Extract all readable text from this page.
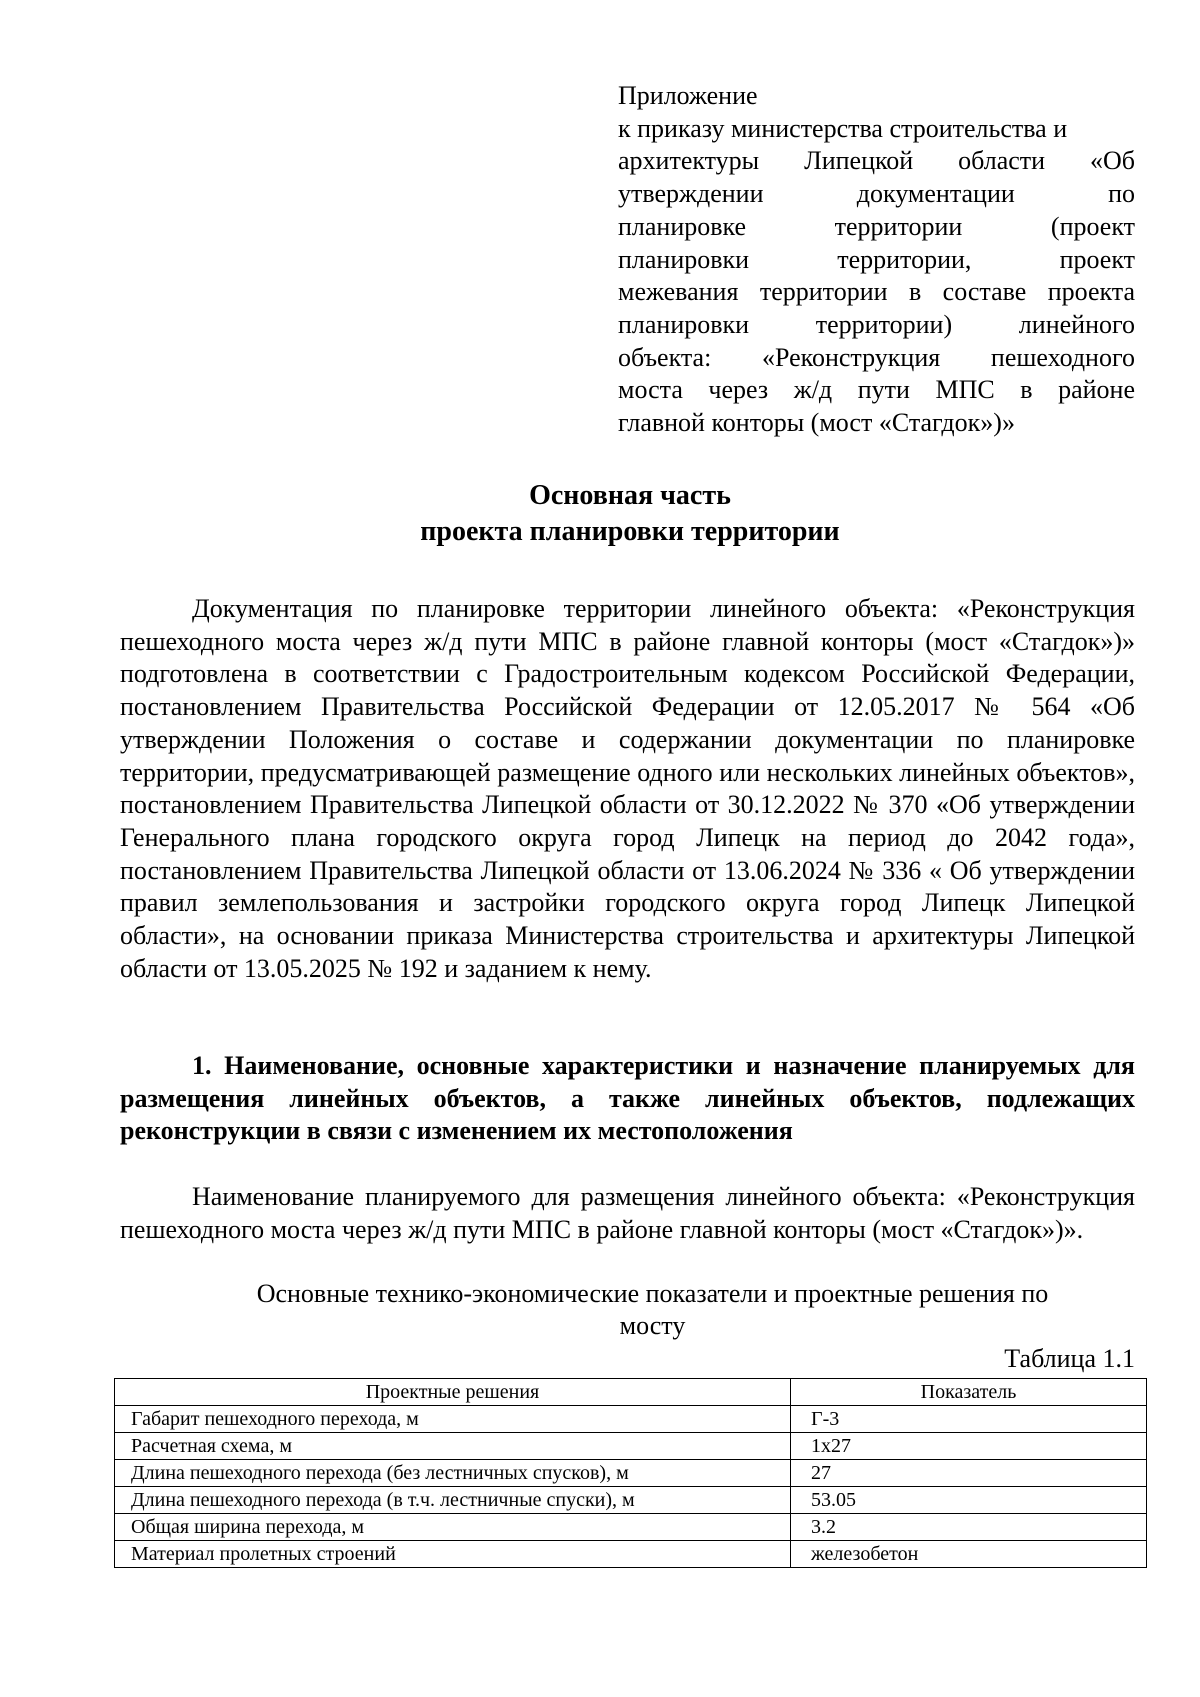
Приложение
к приказу министерства строительства и
архитектуры Липецкой области «Об
утверждении документации по
планировке территории (проект
планировки территории, проект
межевания территории в составе проекта
планировки территории) линейного
объекта: «Реконструкция пешеходного
моста через ж/д пути МПС в районе
главной конторы (мост «Стагдок»)»
Основная часть
проекта планировки территории

Документация по планировке территории линейного объекта: «Реконструкция пешеходного моста через ж/д пути МПС в районе главной конторы (мост «Стагдок»)» подготовлена в соответствии с Градостроительным кодексом Российской Федерации, постановлением Правительства Российской Федерации от 12.05.2017 № 564 «Об утверждении Положения о составе и содержании документации по планировке территории, предусматривающей размещение одного или нескольких линейных объектов», постановлением Правительства Липецкой области от 30.12.2022 № 370 «Об утверждении Генерального плана городского округа город Липецк на период до 2042 года», постановлением Правительства Липецкой области от 13.06.2024 № 336 « Об утверждении правил землепользования и застройки городского округа город Липецк Липецкой области», на основании приказа Министерства строительства и архитектуры Липецкой области от 13.05.2025 № 192 и заданием к нему.

1. Наименование, основные характеристики и назначение планируемых для размещения линейных объектов, а также линейных объектов, подлежащих реконструкции в связи с изменением их местоположения

Наименование планируемого для размещения линейного объекта: «Реконструкция пешеходного моста через ж/д пути МПС в районе главной конторы (мост «Стагдок»)».

Основные технико-экономические показатели и проектные решения по
мосту
Таблица 1.1
Проектные решения	Показатель
Габарит пешеходного перехода, м	Г-3
Расчетная схема, м	1х27
Длина пешеходного перехода (без лестничных спусков), м	27
Длина пешеходного перехода (в т.ч. лестничные спуски), м	53.05
Общая ширина перехода, м	3.2
Материал пролетных строений	железобетон
